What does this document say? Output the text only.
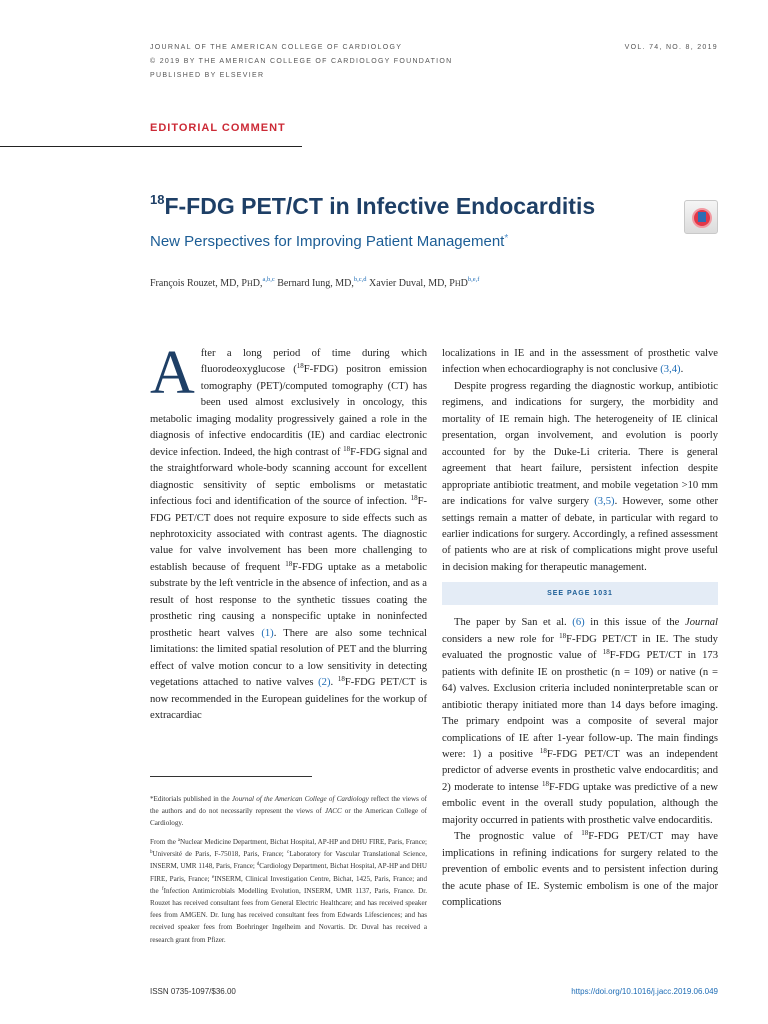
JOURNAL OF THE AMERICAN COLLEGE OF CARDIOLOGY
© 2019 BY THE AMERICAN COLLEGE OF CARDIOLOGY FOUNDATION
PUBLISHED BY ELSEVIER
VOL. 74, NO. 8, 2019
EDITORIAL COMMENT
$^{18}$F-FDG PET/CT in Infective Endocarditis
New Perspectives for Improving Patient Management*
François Rouzet, MD, PHD,$^{a,b,c}$ Bernard Iung, MD,$^{b,c,d}$ Xavier Duval, MD, PHD$^{b,e,f}$

After a long period of time during which fluorodeoxyglucose ($^{18}$F-FDG) positron emission tomography (PET)/computed tomography (CT) has been used almost exclusively in oncology, this metabolic imaging modality progressively gained a role in the diagnosis of infective endocarditis (IE) and cardiac electronic device infection. Indeed, the high contrast of $^{18}$F-FDG signal and the straightforward whole-body scanning account for excellent diagnostic sensitivity of septic embolisms or metastatic infectious foci and identification of the source of infection. $^{18}$F-FDG PET/CT does not require exposure to side effects such as nephrotoxicity associated with contrast agents. The diagnostic value for valve involvement has been more challenging to establish because of frequent $^{18}$F-FDG uptake as a metabolic substrate by the left ventricle in the absence of infection, and as a result of host response to the synthetic tissues coating the prosthetic ring causing a nonspecific uptake in noninfected prosthetic heart valves (1). There are also some technical limitations: the limited spatial resolution of PET and the blurring effect of valve motion concur to a low sensitivity in detecting vegetations attached to native valves (2). $^{18}$F-FDG PET/CT is now recommended in the European guidelines for the workup of extracardiac

localizations in IE and in the assessment of prosthetic valve infection when echocardiography is not conclusive (3,4).

Despite progress regarding the diagnostic workup, antibiotic regimens, and indications for surgery, the morbidity and mortality of IE remain high. The heterogeneity of IE clinical presentation, organ involvement, and evolution is poorly accounted for by the Duke-Li criteria. There is general agreement that heart failure, persistent infection despite appropriate antibiotic treatment, and mobile vegetation >10 mm are indications for valve surgery (3,5). However, some other settings remain a matter of debate, in particular with regard to earlier indications for surgery. Accordingly, a refined assessment of patients who are at risk of complications might prove useful in decision making for therapeutic management.

SEE PAGE 1031

The paper by San et al. (6) in this issue of the Journal considers a new role for $^{18}$F-FDG PET/CT in IE. The study evaluated the prognostic value of $^{18}$F-FDG PET/CT in 173 patients with definite IE on prosthetic (n = 109) or native (n = 64) valves. Exclusion criteria included noninterpretable scan or antibiotic therapy initiated more than 14 days before imaging. The primary endpoint was a composite of several major complications of IE after 1-year follow-up. The main findings were: 1) a positive $^{18}$F-FDG PET/CT was an independent predictor of adverse events in prosthetic valve endocarditis; and 2) moderate to intense $^{18}$F-FDG uptake was predictive of a new embolic event in the overall study population, although the majority occurred in patients with prosthetic valve endocarditis.

The prognostic value of $^{18}$F-FDG PET/CT may have implications in refining indications for surgery related to the prevention of embolic events and to persistent infection during the acute phase of IE. Systemic embolism is one of the major complications

*Editorials published in the Journal of the American College of Cardiology reflect the views of the authors and do not necessarily represent the views of JACC or the American College of Cardiology.
From the $^a$Nuclear Medicine Department, Bichat Hospital, AP-HP and DHU FIRE, Paris, France; $^b$Université de Paris, F-75018, Paris, France; $^c$Laboratory for Vascular Translational Science, INSERM, UMR 1148, Paris, France; $^d$Cardiology Department, Bichat Hospital, AP-HP and DHU FIRE, Paris, France; $^e$INSERM, Clinical Investigation Centre, Bichat, 1425, Paris, France; and the $^f$Infection Antimicrobials Modelling Evolution, INSERM, UMR 1137, Paris, France. Dr. Rouzet has received consultant fees from General Electric Healthcare; and has received speaker fees from AMGEN. Dr. Iung has received consultant fees from Edwards Lifesciences; and has received speaker fees from Boehringer Ingelheim and Novartis. Dr. Duval has received a research grant from Pfizer.
ISSN 0735-1097/$36.00	https://doi.org/10.1016/j.jacc.2019.06.049
